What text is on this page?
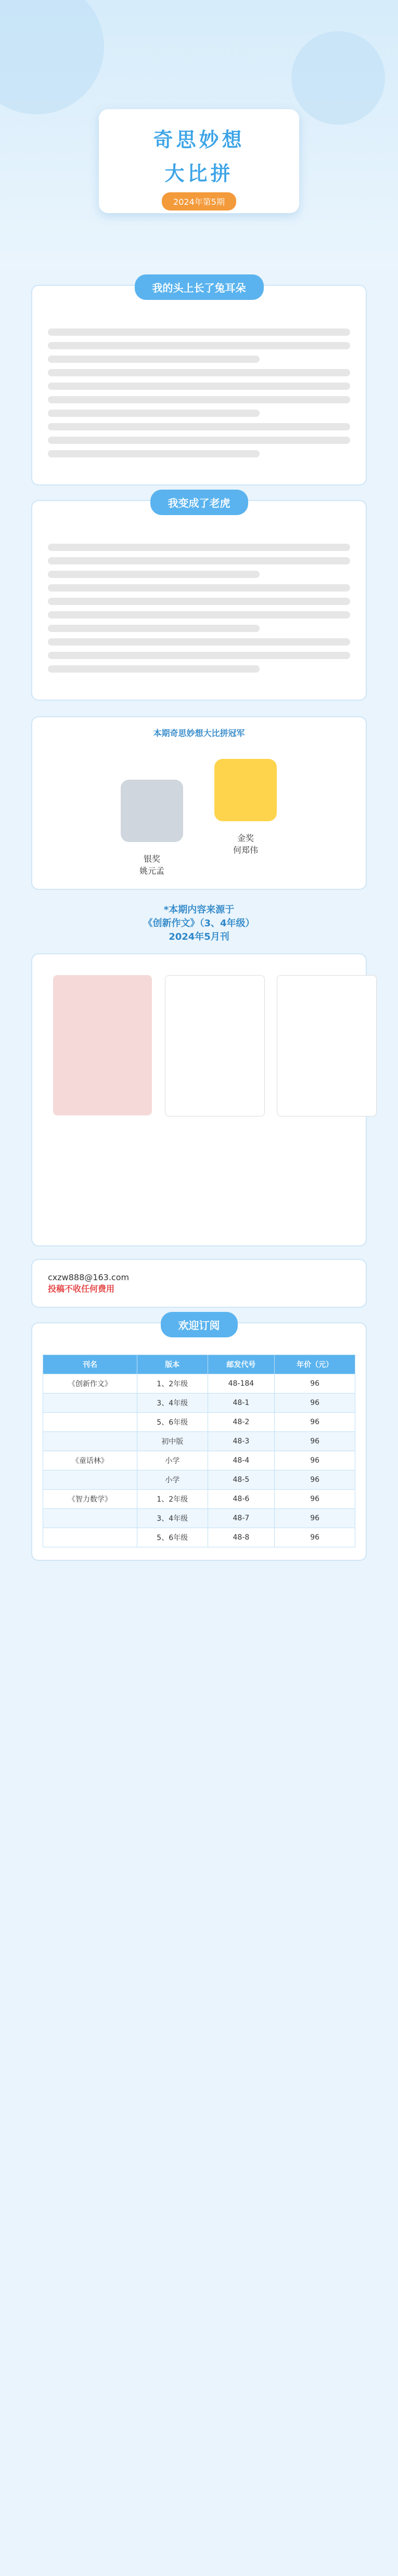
奇思妙想
大比拼
2024年第5期
我的头上长了兔耳朵
我变成了老虎
本期奇思妙想大比拼冠军
金奖
何郑伟
银奖
姚元孟
*本期内容来源于
《创新作文》（3、4年级）
2024年5月刊
cxzw888@163.com
投稿不收任何费用
欢迎订阅
刊名	版本	邮发代号	年价（元）
《创新作文》	1、2年级	48-184	96
	3、4年级	48-1	96
	5、6年级	48-2	96
	初中版	48-3	96
《童话林》	小学	48-4	96
	小学	48-5	96
《智力数学》	1、2年级	48-6	96
	3、4年级	48-7	96
	5、6年级	48-8	96
